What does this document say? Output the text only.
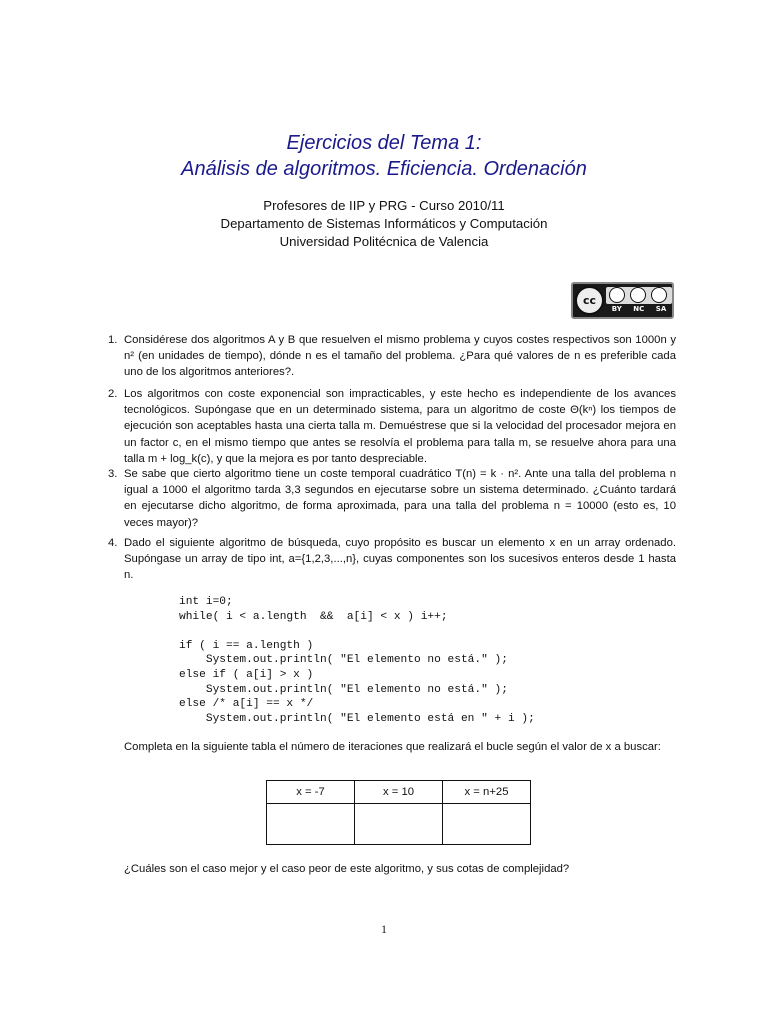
Ejercicios del Tema 1:
Análisis de algoritmos. Eficiencia. Ordenación
Profesores de IIP y PRG - Curso 2010/11
Departamento de Sistemas Informáticos y Computación
Universidad Politécnica de Valencia
cc
BY NC SA
1. Considérese dos algoritmos A y B que resuelven el mismo problema y cuyos costes respectivos son 1000n y n² (en unidades de tiempo), dónde n es el tamaño del problema. ¿Para qué valores de n es preferible cada uno de los algoritmos anteriores?.

2. Los algoritmos con coste exponencial son impracticables, y este hecho es independiente de los avances tecnológicos. Supóngase que en un determinado sistema, para un algoritmo de coste Θ(kⁿ) los tiempos de ejecución son aceptables hasta una cierta talla m. Demuéstrese que si la velocidad del procesador mejora en un factor c, en el mismo tiempo que antes se resolvía el problema para talla m, se resuelve ahora para una talla m + log_k(c), y que la mejora es por tanto despreciable.

3. Se sabe que cierto algoritmo tiene un coste temporal cuadrático T(n) = k · n². Ante una talla del problema n igual a 1000 el algoritmo tarda 3,3 segundos en ejecutarse sobre un sistema determinado. ¿Cuánto tardará en ejecutarse dicho algoritmo, de forma aproximada, para una talla del problema n = 10000 (esto es, 10 veces mayor)?

4. Dado el siguiente algoritmo de búsqueda, cuyo propósito es buscar un elemento x en un array ordenado. Supóngase un array de tipo int, a={1,2,3,...,n}, cuyas componentes son los sucesivos enteros desde 1 hasta n.

int i=0;
while( i < a.length  &&  a[i] < x ) i++;

if ( i == a.length )
System.out.println( "El elemento no está." );
else if ( a[i] > x )
System.out.println( "El elemento no está." );
else /* a[i] == x */
System.out.println( "El elemento está en " + i );
Completa en la siguiente tabla el número de iteraciones que realizará el bucle según el valor de x a buscar:
x = -7	x = 10	x = n+25

¿Cuáles son el caso mejor y el caso peor de este algoritmo, y sus cotas de complejidad?
1
